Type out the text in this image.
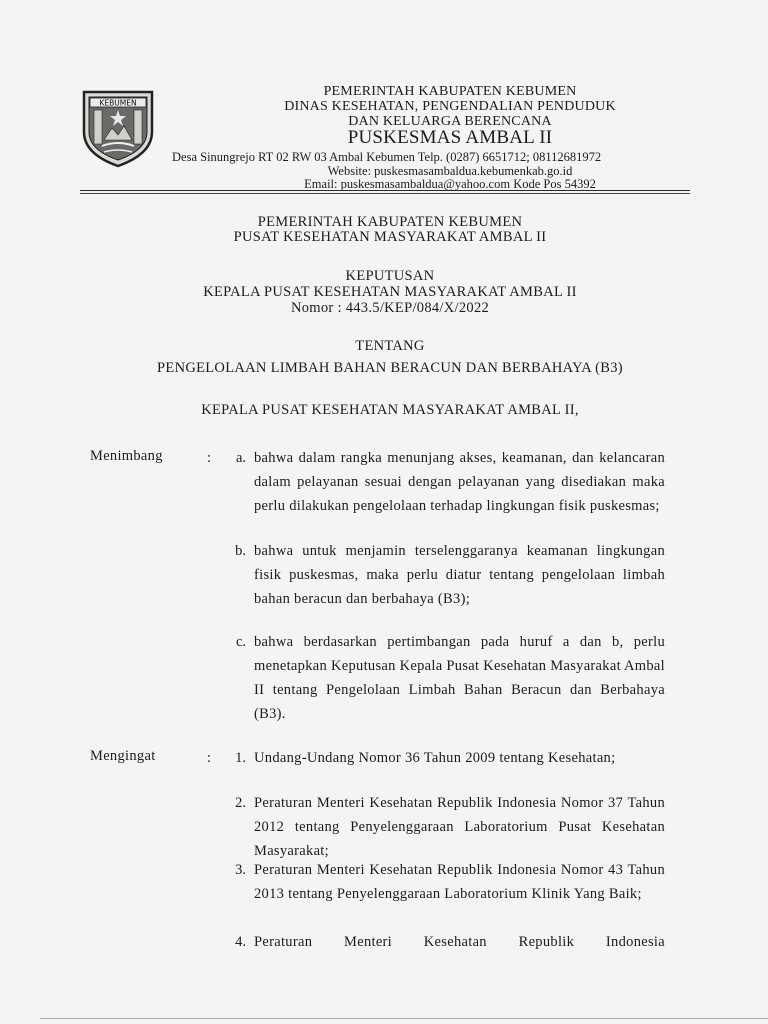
KEBUMEN
PEMERINTAH KABUPATEN KEBUMEN
DINAS KESEHATAN, PENGENDALIAN PENDUDUK
DAN KELUARGA BERENCANA
PUSKESMAS AMBAL II
Desa Sinungrejo RT 02 RW 03 Ambal Kebumen Telp. (0287) 6651712; 08112681972
Website: puskesmasambaldua.kebumenkab.go.id
Email: puskesmasambaldua@yahoo.com Kode Pos 54392
PEMERINTAH KABUPATEN KEBUMEN
PUSAT KESEHATAN MASYARAKAT AMBAL II
KEPUTUSAN
KEPALA PUSAT KESEHATAN MASYARAKAT AMBAL II
Nomor : 443.5/KEP/084/X/2022
TENTANG
PENGELOLAAN LIMBAH BAHAN BERACUN DAN BERBAHAYA (B3)
KEPALA PUSAT KESEHATAN MASYARAKAT AMBAL II,
Menimbang	:	a. bahwa dalam rangka menunjang akses, keamanan, dan kelancaran dalam pelayanan sesuai dengan pelayanan yang disediakan maka perlu dilakukan pengelolaan terhadap lingkungan fisik puskesmas;
b. bahwa untuk menjamin terselenggaranya keamanan lingkungan fisik puskesmas, maka perlu diatur tentang pengelolaan limbah bahan beracun dan berbahaya (B3);
c. bahwa berdasarkan pertimbangan pada huruf a dan b, perlu menetapkan Keputusan Kepala Pusat Kesehatan Masyarakat Ambal II tentang Pengelolaan Limbah Bahan Beracun dan Berbahaya (B3).
Mengingat	:	1. Undang-Undang Nomor 36 Tahun 2009 tentang Kesehatan;
2. Peraturan Menteri Kesehatan Republik Indonesia Nomor 37 Tahun 2012 tentang Penyelenggaraan Laboratorium Pusat Kesehatan Masyarakat;
3. Peraturan Menteri Kesehatan Republik Indonesia Nomor 43 Tahun 2013 tentang Penyelenggaraan Laboratorium Klinik Yang Baik;
4. Peraturan Menteri Kesehatan Republik Indonesia
